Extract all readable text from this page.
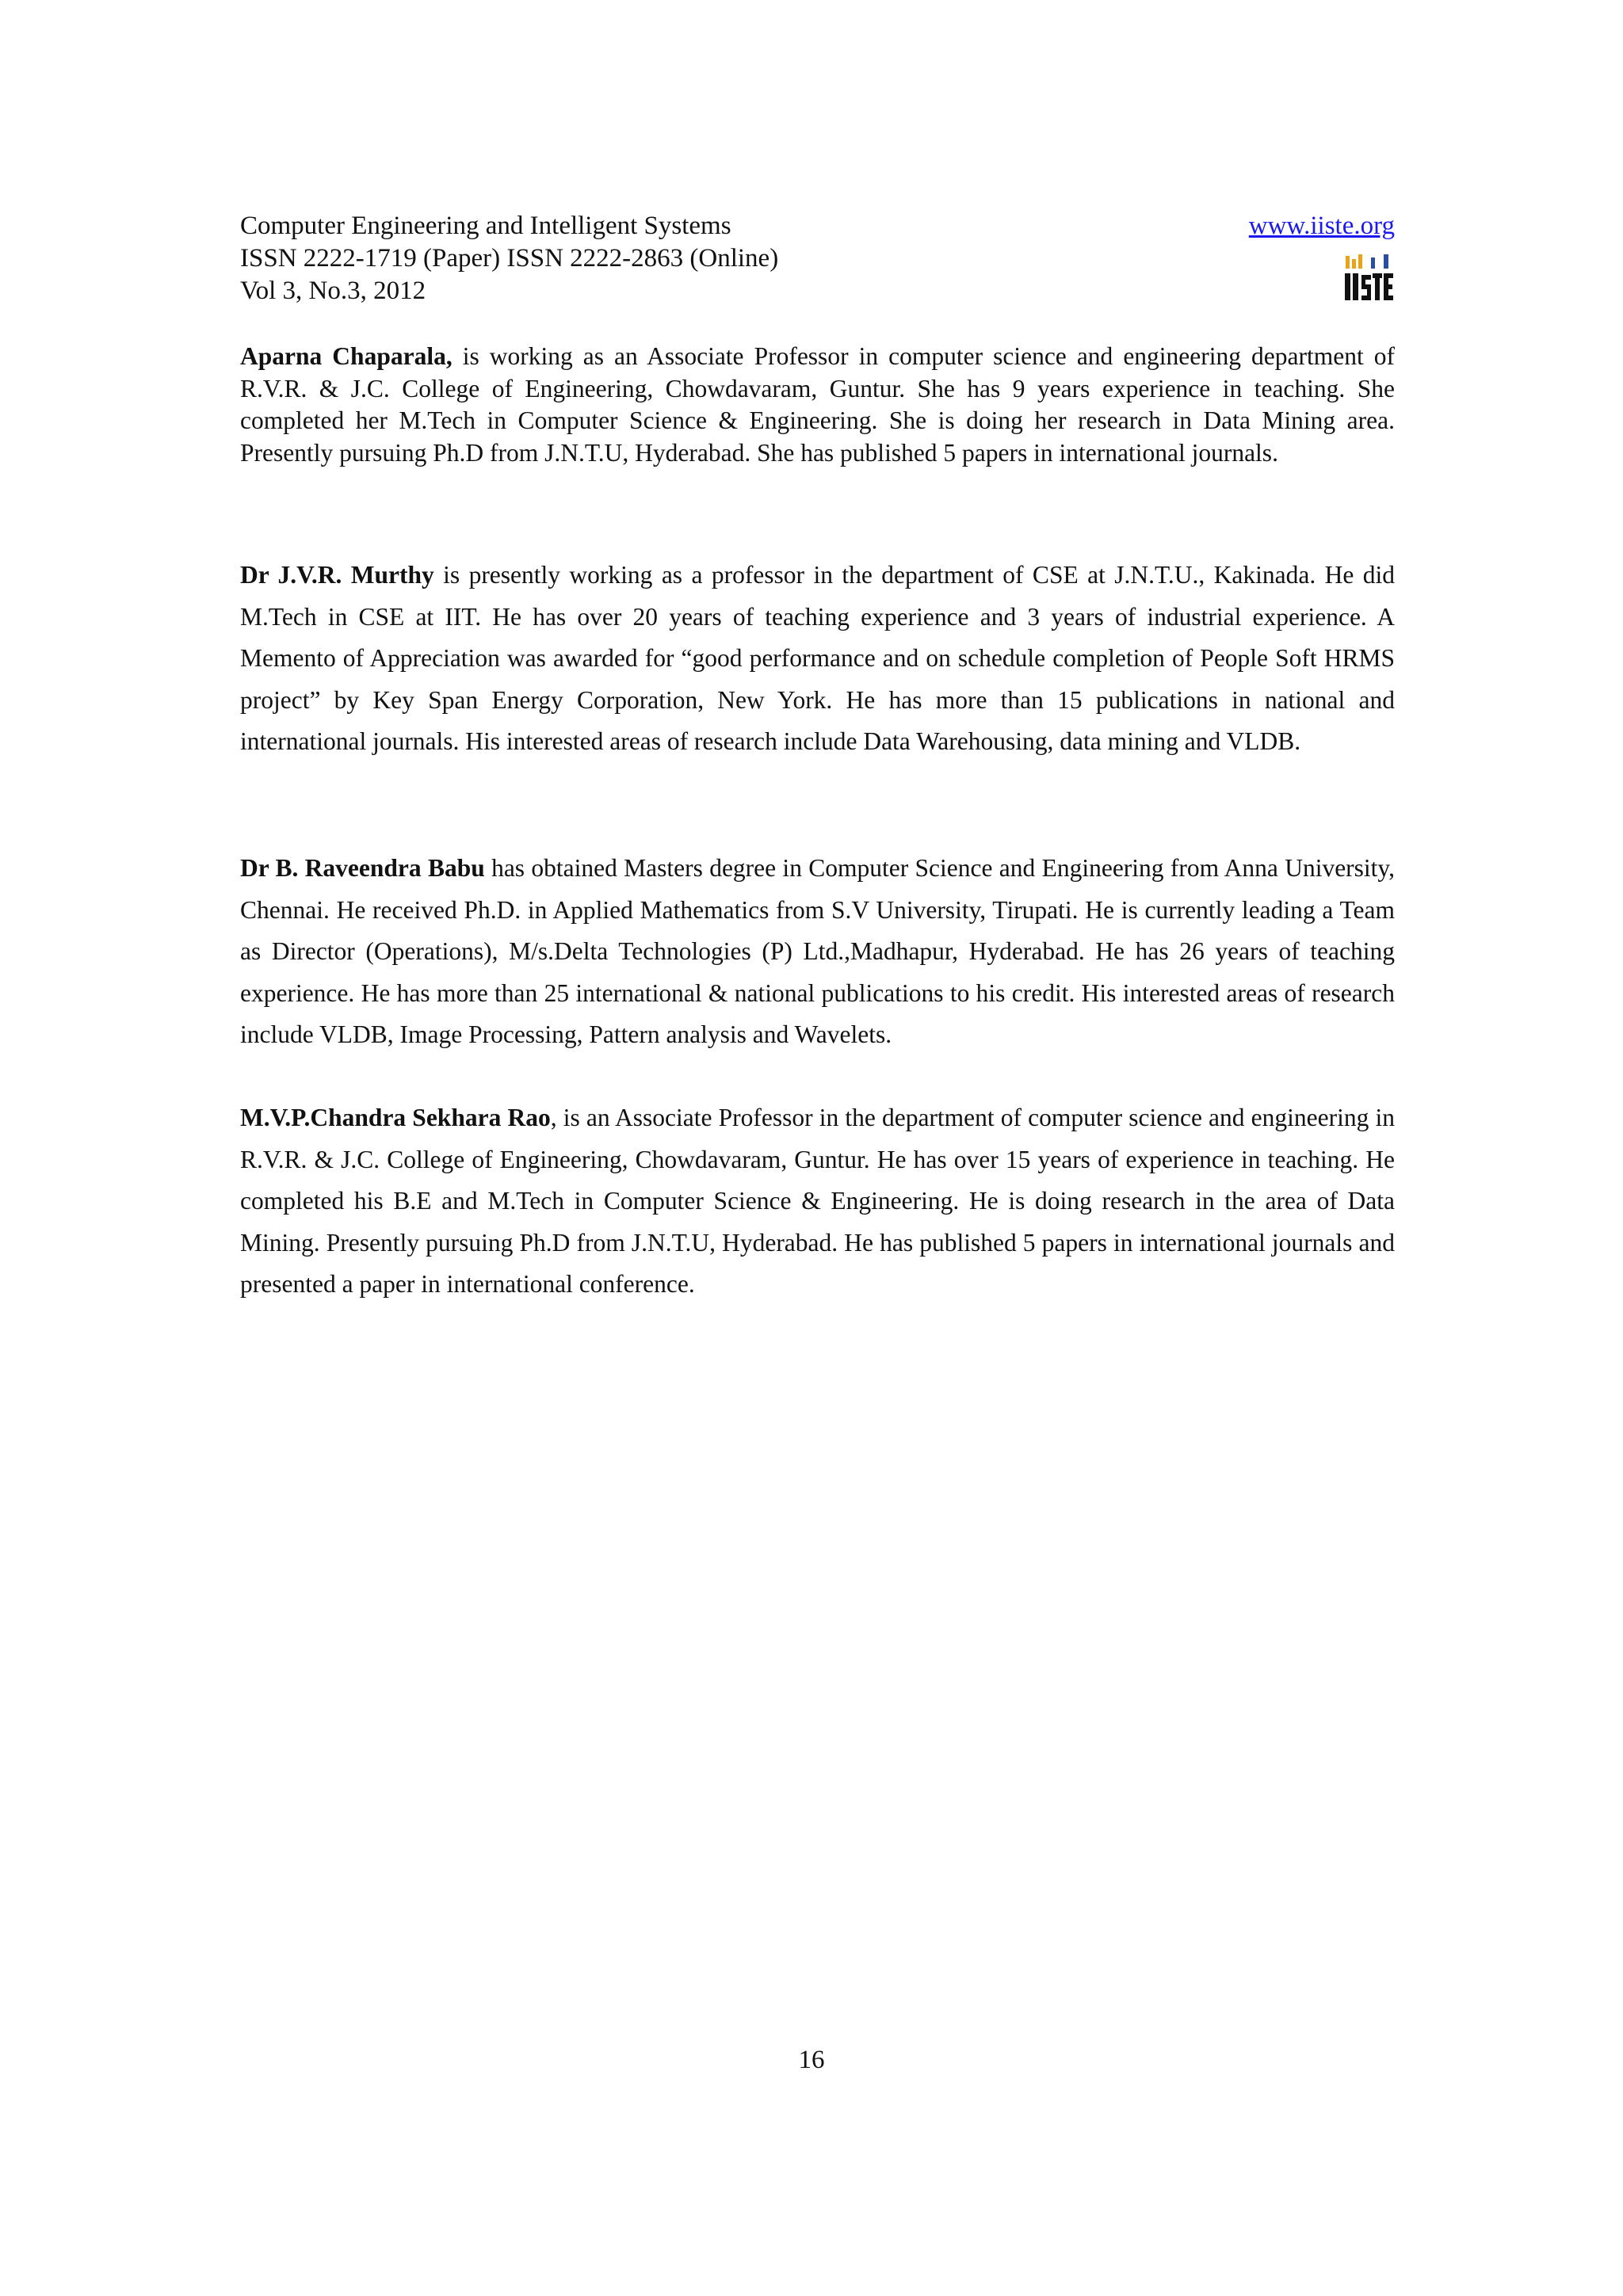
Computer Engineering and Intelligent Systems
ISSN 2222-1719 (Paper) ISSN 2222-2863 (Online)
Vol 3, No.3, 2012
www.iiste.org

Aparna Chaparala, is working as an Associate Professor in computer science and engineering department of R.V.R. & J.C. College of Engineering, Chowdavaram, Guntur. She has 9 years experience in teaching. She completed her M.Tech in Computer Science & Engineering. She is doing her research in Data Mining area. Presently pursuing Ph.D from J.N.T.U, Hyderabad. She has published 5 papers in international journals.

Dr J.V.R. Murthy is presently working as a professor in the department of CSE at J.N.T.U., Kakinada. He did M.Tech in CSE at IIT. He has over 20 years of teaching experience and 3 years of industrial experience. A Memento of Appreciation was awarded for “good performance and on schedule completion of People Soft HRMS project” by Key Span Energy Corporation, New York. He has more than 15 publications in national and international journals. His interested areas of research include Data Warehousing, data mining and VLDB.

Dr B. Raveendra Babu has obtained Masters degree in Computer Science and Engineering from Anna University, Chennai. He received Ph.D. in Applied Mathematics from S.V University, Tirupati. He is currently leading a Team as Director (Operations), M/s.Delta Technologies (P) Ltd.,Madhapur, Hyderabad. He has 26 years of teaching experience. He has more than 25 international & national publications to his credit. His interested areas of research include VLDB, Image Processing, Pattern analysis and Wavelets.

M.V.P.Chandra Sekhara Rao, is an Associate Professor in the department of computer science and engineering in R.V.R. & J.C. College of Engineering, Chowdavaram, Guntur. He has over 15 years of experience in teaching. He completed his B.E and M.Tech in Computer Science & Engineering. He is doing research in the area of Data Mining. Presently pursuing Ph.D from J.N.T.U, Hyderabad. He has published 5 papers in international journals and presented a paper in international conference.

16
